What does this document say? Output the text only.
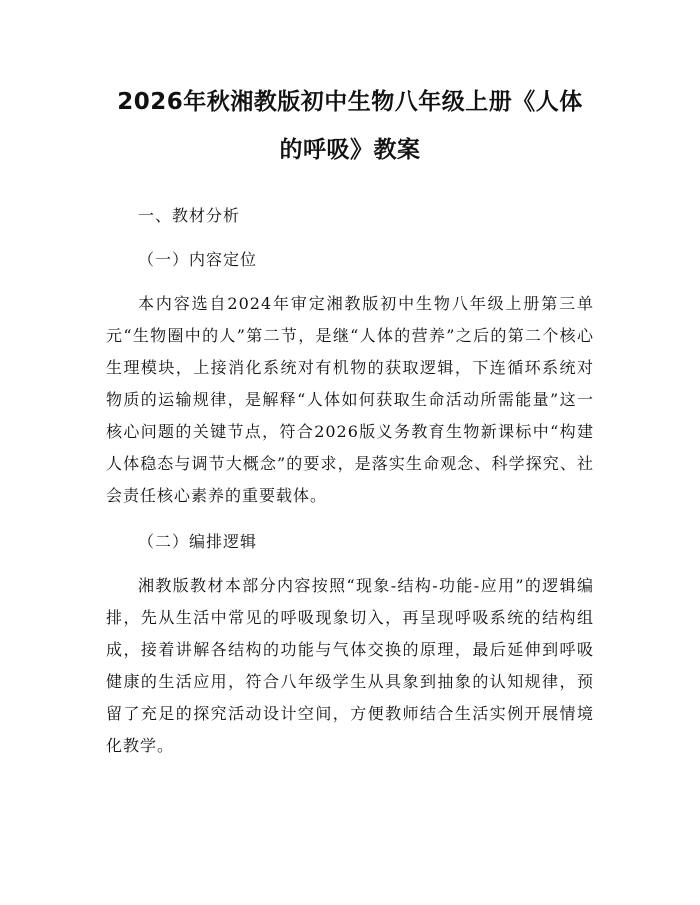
2026年秋湘教版初中生物八年级上册《人体
的呼吸》教案

一、教材分析

（一）内容定位

本内容选自2024年审定湘教版初中生物八年级上册第三单元“生物圈中的人”第二节，是继“人体的营养”之后的第二个核心生理模块，上接消化系统对有机物的获取逻辑，下连循环系统对物质的运输规律，是解释“人体如何获取生命活动所需能量”这一核心问题的关键节点，符合2026版义务教育生物新课标中“构建人体稳态与调节大概念”的要求，是落实生命观念、科学探究、社会责任核心素养的重要载体。

（二）编排逻辑

湘教版教材本部分内容按照“现象-结构-功能-应用”的逻辑编排，先从生活中常见的呼吸现象切入，再呈现呼吸系统的结构组成，接着讲解各结构的功能与气体交换的原理，最后延伸到呼吸健康的生活应用，符合八年级学生从具象到抽象的认知规律，预留了充足的探究活动设计空间，方便教师结合生活实例开展情境化教学。
